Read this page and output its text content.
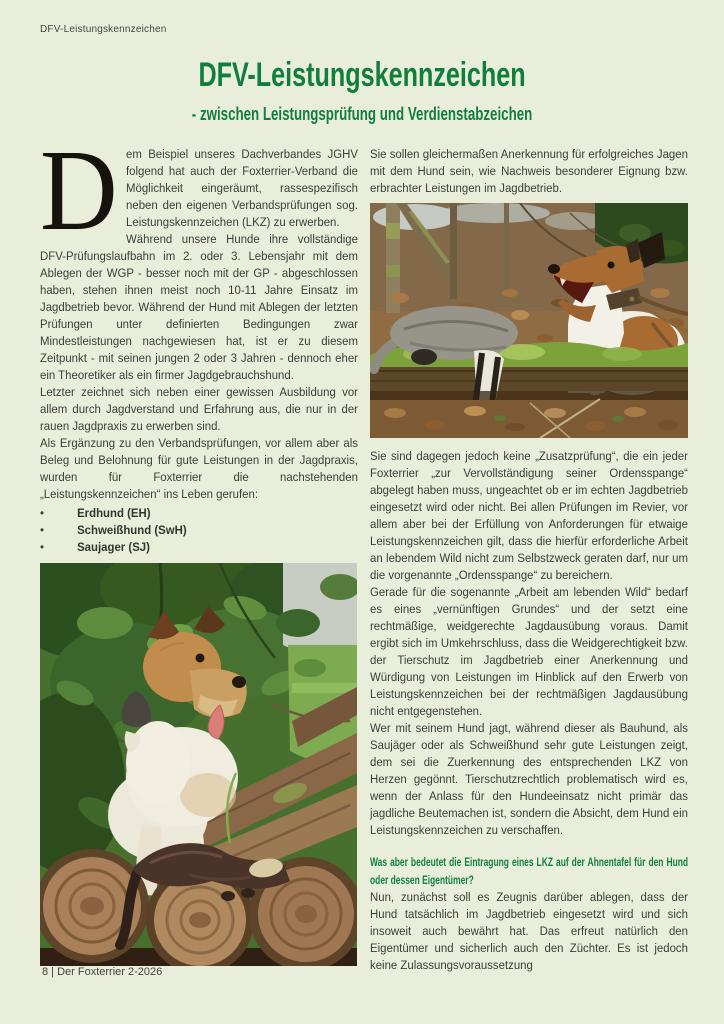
DFV-Leistungskennzeichen
DFV-Leistungskennzeichen
- zwischen Leistungsprüfung und Verdienstabzeichen

Dem Beispiel unseres Dachverbandes JGHV folgend hat auch der Foxterrier-Verband die Möglichkeit eingeräumt, rassespezifisch neben den eigenen Verbandsprüfungen sog. Leistungskennzeichen (LKZ) zu erwerben.

Während unsere Hunde ihre vollständige DFV-Prüfungslaufbahn im 2. oder 3. Lebensjahr mit dem Ablegen der WGP - besser noch mit der GP - abgeschlossen haben, stehen ihnen meist noch 10-11 Jahre Einsatz im Jagdbetrieb bevor. Während der Hund mit Ablegen der letzten Prüfungen unter definierten Bedingungen zwar Mindestleistungen nachgewiesen hat, ist er zu diesem Zeitpunkt - mit seinen jungen 2 oder 3 Jahren - dennoch eher ein Theoretiker als ein firmer Jagdgebrauchshund.

Letzter zeichnet sich neben einer gewissen Ausbildung vor allem durch Jagdverstand und Erfahrung aus, die nur in der rauen Jagdpraxis zu erwerben sind.

Als Ergänzung zu den Verbandsprüfungen, vor allem aber als Beleg und Belohnung für gute Leistungen in der Jagdpraxis, wurden für Foxterrier die nachstehenden „Leistungskennzeichen“ ins Leben gerufen:

•	Erdhund (EH)
•	Schweißhund (SwH)
•	Saujager (SJ)

Sie sollen gleichermaßen Anerkennung für erfolgreiches Jagen mit dem Hund sein, wie Nachweis besonderer Eignung bzw. erbrachter Leistungen im Jagdbetrieb.

Sie sind dagegen jedoch keine „Zusatzprüfung“, die ein jeder Foxterrier „zur Vervollständigung seiner Ordensspange“ abgelegt haben muss, ungeachtet ob er im echten Jagdbetrieb eingesetzt wird oder nicht. Bei allen Prüfungen im Revier, vor allem aber bei der Erfüllung von Anforderungen für etwaige Leistungskennzeichen gilt, dass die hierfür erforderliche Arbeit an lebendem Wild nicht zum Selbstzweck geraten darf, nur um die vorgenannte „Ordensspange“ zu bereichern.

Gerade für die sogenannte „Arbeit am lebenden Wild“ bedarf es eines „vernünftigen Grundes“ und der setzt eine rechtmäßige, weidgerechte Jagdausübung voraus. Damit ergibt sich im Umkehrschluss, dass die Weidgerechtigkeit bzw. der Tierschutz im Jagdbetrieb einer Anerkennung und Würdigung von Leistungen im Hinblick auf den Erwerb von Leistungskennzeichen bei der rechtmäßigen Jagdausübung nicht entgegenstehen.

Wer mit seinem Hund jagt, während dieser als Bauhund, als Saujäger oder als Schweißhund sehr gute Leistungen zeigt, dem sei die Zuerkennung des entsprechenden LKZ von Herzen gegönnt. Tierschutzrechtlich problematisch wird es, wenn der Anlass für den Hundeeinsatz nicht primär das jagdliche Beutemachen ist, sondern die Absicht, dem Hund ein Leistungskennzeichen zu verschaffen.

Was aber bedeutet die Eintragung eines LKZ auf der Ahnentafel für den Hund oder dessen Eigentümer?

Nun, zunächst soll es Zeugnis darüber ablegen, dass der Hund tatsächlich im Jagdbetrieb eingesetzt wird und sich insoweit auch bewährt hat. Das erfreut natürlich den Eigentümer und sicherlich auch den Züchter. Es ist jedoch keine Zulassungsvoraussetzung

8 | Der Foxterrier 2-2026
